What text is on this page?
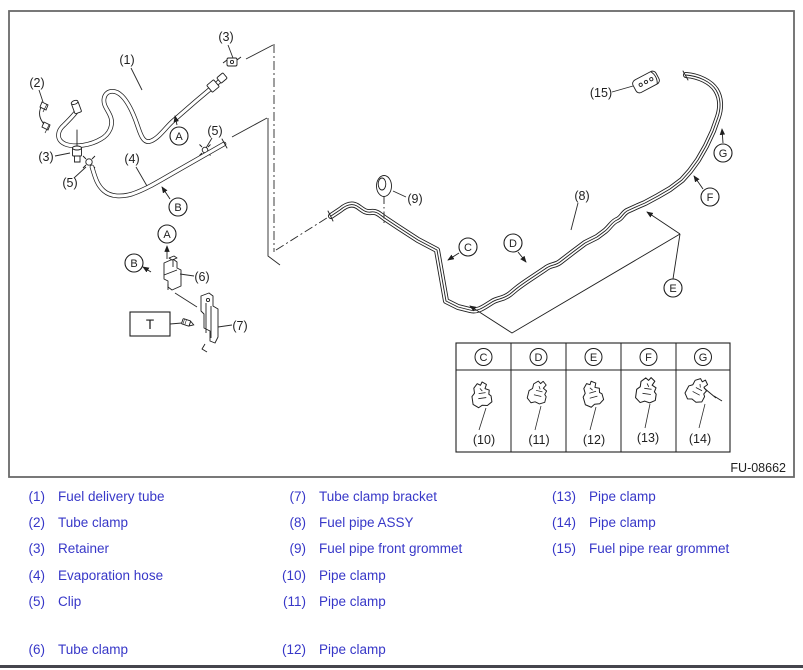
T
(1)
(2)
(3)
(3)	(4)
(5)
(5)
(6)
(7)
(8)
(9)
(15)
A
B
A
B
C	D
E
F
G
C	D	E	F	G
(10)	(11)	(12)	(13) (14)
FU-08662
(1) Fuel delivery tube
(2) Tube clamp
(3) Retainer
(4) Evaporation hose
(5) Clip
(6) Tube clamp
(7) Tube clamp bracket
(8) Fuel pipe ASSY
(9) Fuel pipe front grommet
(10) Pipe clamp
(11) Pipe clamp
(12) Pipe clamp
(13) Pipe clamp
(14) Pipe clamp
(15) Fuel pipe rear grommet
